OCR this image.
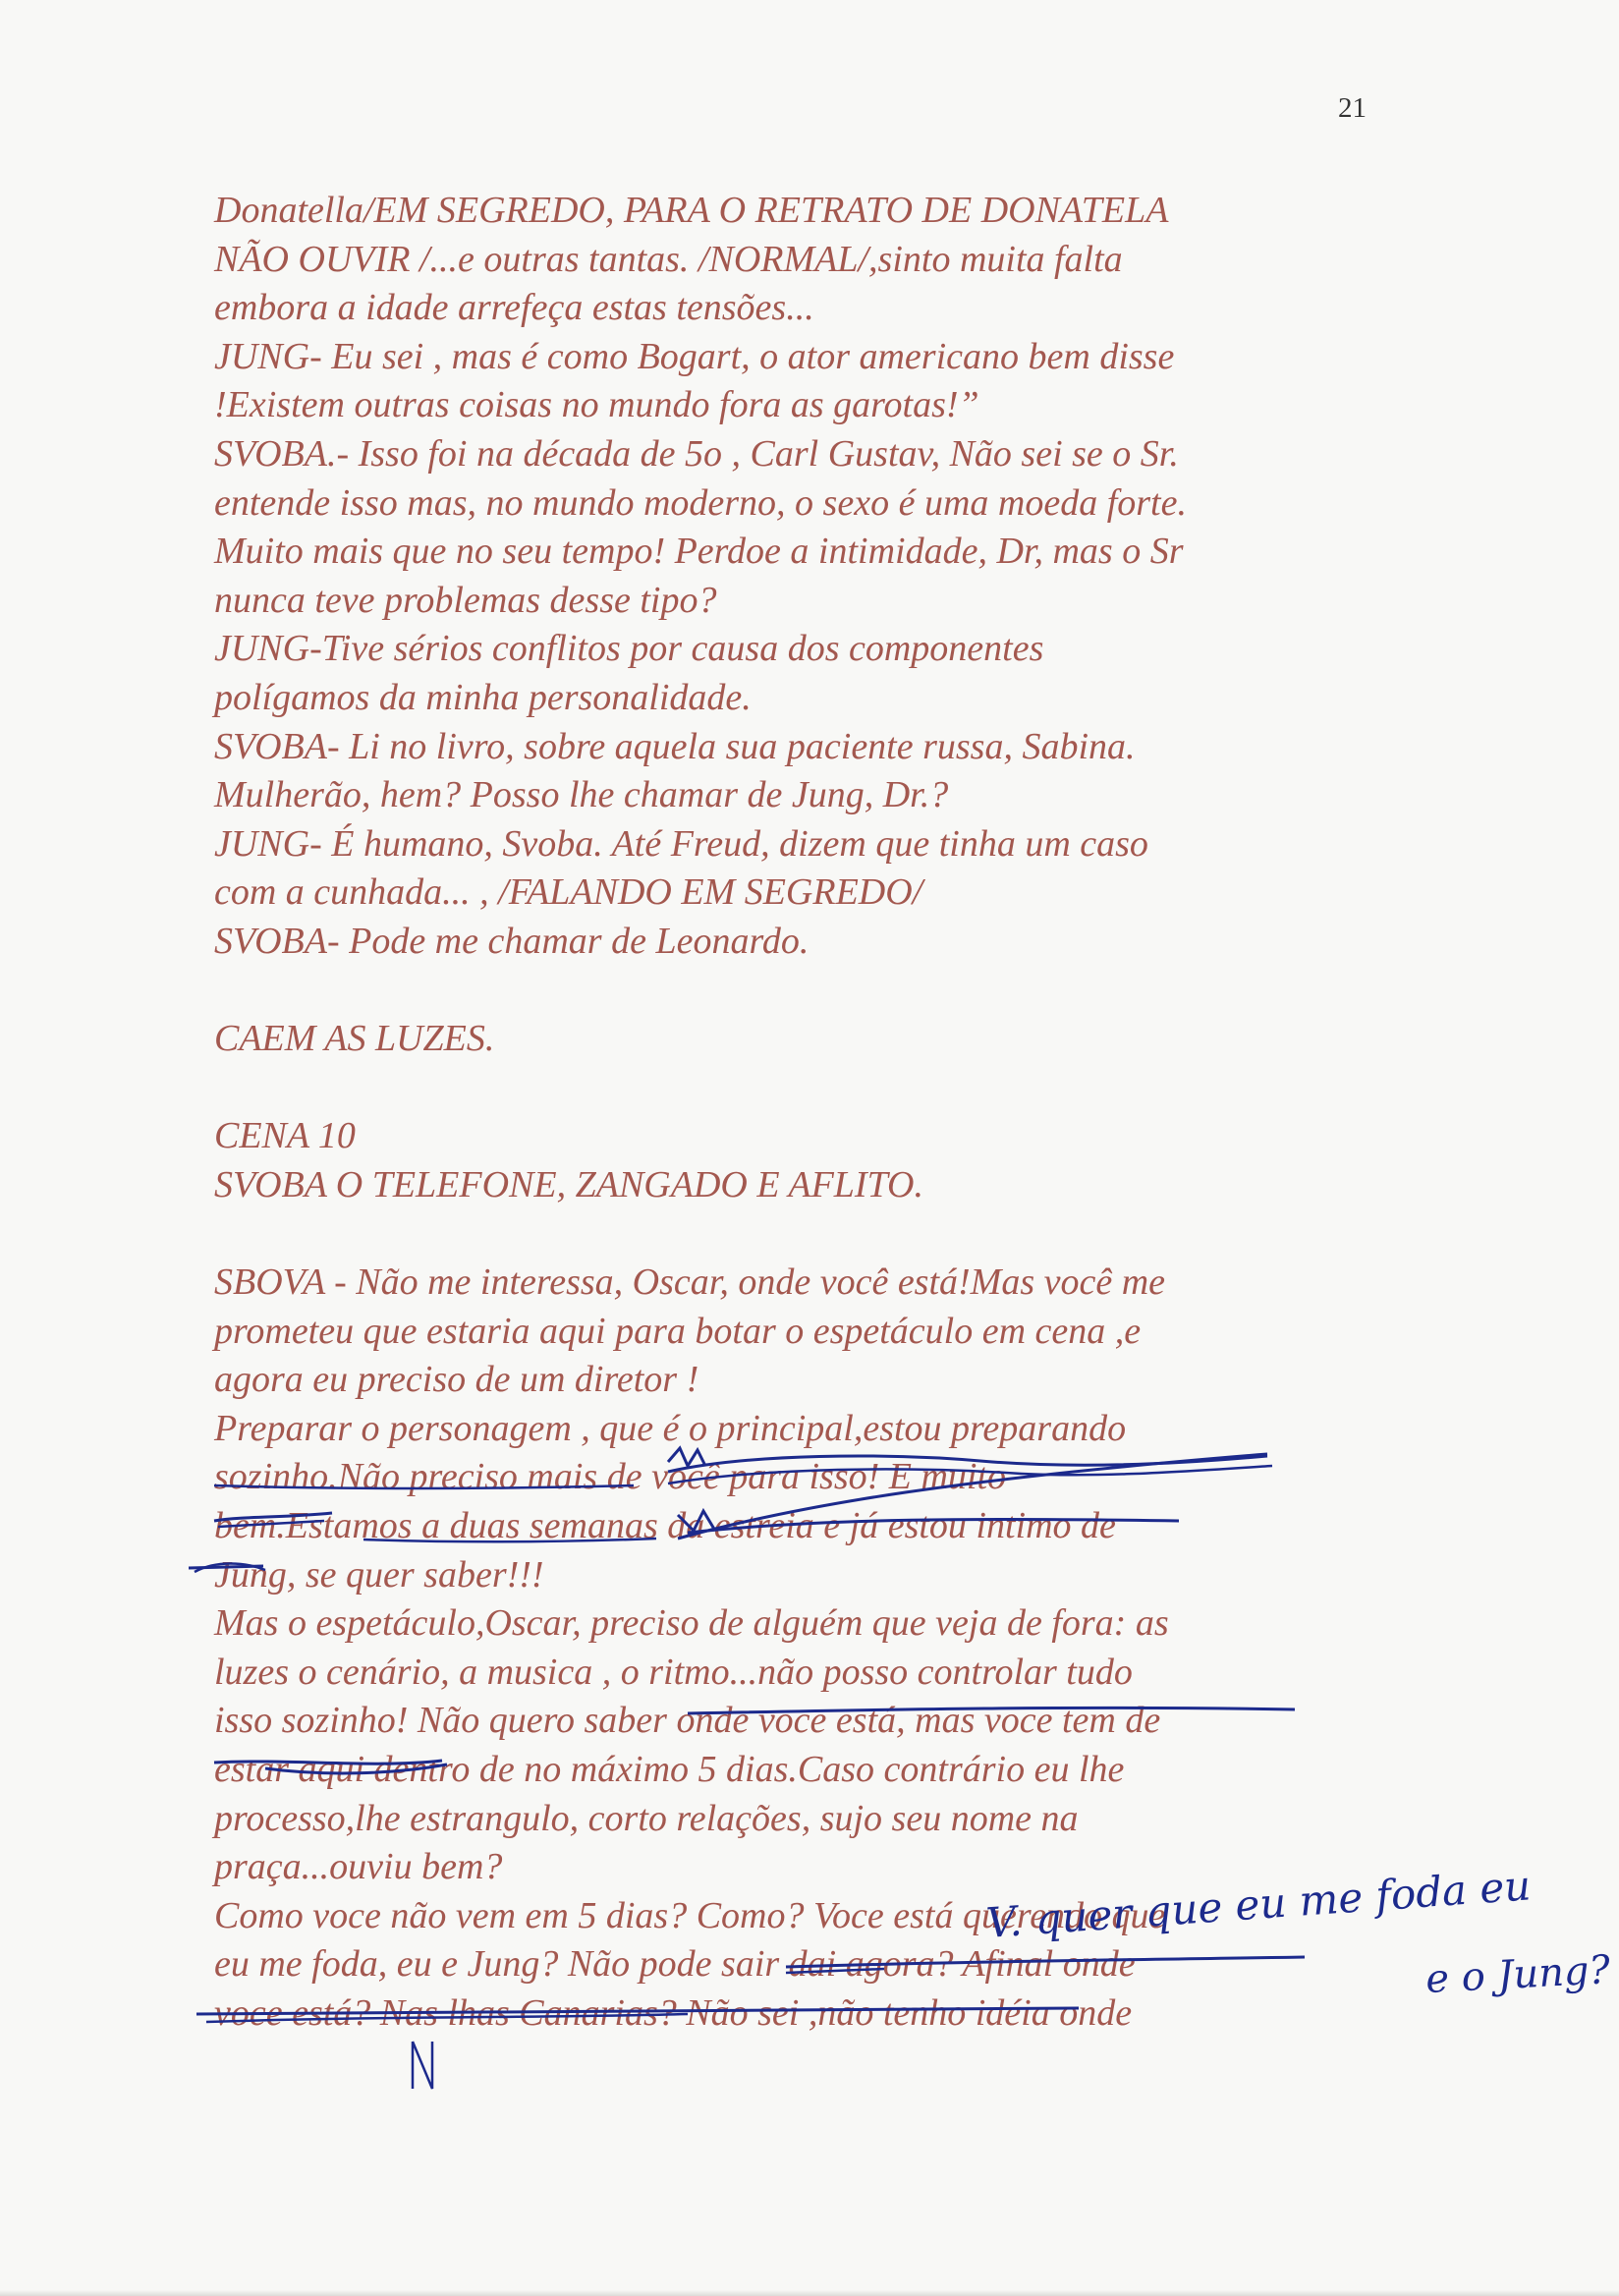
21
Donatella/EM SEGREDO, PARA O RETRATO DE DONATELA
NÃO OUVIR /...e outras tantas. /NORMAL/,sinto muita falta
embora a idade arrefeça estas tensões...
JUNG- Eu sei , mas é como Bogart, o ator americano bem disse
!Existem outras coisas no mundo fora as garotas!”
SVOBA.- Isso foi na década de 5o , Carl Gustav, Não sei se o Sr.
entende isso mas, no mundo moderno, o sexo é uma moeda forte.
Muito mais que no seu tempo! Perdoe a intimidade, Dr, mas o Sr
nunca teve problemas desse tipo?
JUNG-Tive sérios conflitos por causa dos componentes
polígamos da minha personalidade.
SVOBA- Li no livro, sobre aquela sua paciente russa, Sabina.
Mulherão, hem? Posso lhe chamar de Jung, Dr.?
JUNG- É humano, Svoba. Até Freud, dizem que tinha um caso
com a cunhada... , /FALANDO EM SEGREDO/
SVOBA- Pode me chamar de Leonardo.
CAEM AS LUZES.
CENA 10
SVOBA O TELEFONE, ZANGADO E AFLITO.
SBOVA - Não me interessa, Oscar, onde você está!Mas você me
prometeu que estaria aqui para botar o espetáculo em cena ,e
agora eu preciso de um diretor !
Preparar o personagem , que é o principal,estou preparando
sozinho.Não preciso mais de você para isso! E muito
bem.Estamos a duas semanas da estreia e já estou intimo de
Jung, se quer saber!!!
Mas o espetáculo,Oscar, preciso de alguém que veja de fora: as
luzes o cenário, a musica , o ritmo...não posso controlar tudo
isso sozinho! Não quero saber onde voce está, mas voce tem de
estar aqui dentro de no máximo 5 dias.Caso contrário eu lhe
processo,lhe estrangulo, corto relações, sujo seu nome na
praça...ouviu bem?
Como voce não vem em 5 dias? Como? Voce está querendo que
eu me foda, eu e Jung? Não pode sair dai agora? Afinal onde
voce está? Nas lhas Canarias? Não sei ,não tenho idéia onde
V. quer que eu me foda eu
e o Jung?
